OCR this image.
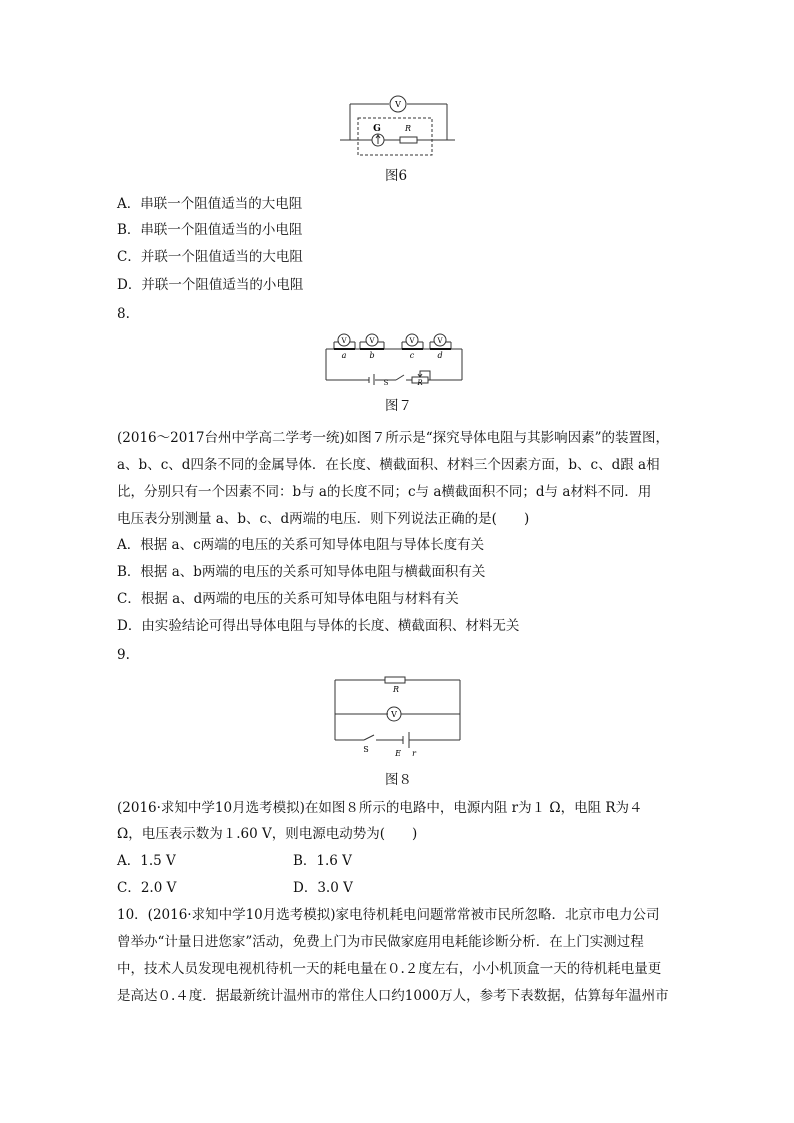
V
G	R
图6
A．串联一个阻值适当的大电阻
B．串联一个阻值适当的小电阻
C．并联一个阻值适当的大电阻
D．并联一个阻值适当的小电阻
8.
V	V	V	V
a	b	c	d
S	R
图７
(2016～2017台州中学高二学考一统)如图７所示是“探究导体电阻与其影响因素”的装置图，
a、b、c、d四条不同的金属导体．在长度、横截面积、材料三个因素方面，b、c、d跟 a相
比，分别只有一个因素不同：b与 a的长度不同；c与 a横截面积不同；d与 a材料不同．用
电压表分别测量 a、b、c、d两端的电压．则下列说法正确的是(　　)
A．根据 a、c两端的电压的关系可知导体电阻与导体长度有关
B．根据 a、b两端的电压的关系可知导体电阻与横截面积有关
C．根据 a、d两端的电压的关系可知导体电阻与材料有关
D．由实验结论可得出导体电阻与导体的长度、横截面积、材料无关
9.
R
V
S	E r
图８
(2016·求知中学10月选考模拟)在如图８所示的电路中，电源内阻 r为１ Ω，电阻 R为４
Ω，电压表示数为１.60 V，则电源电动势为(　　)
A．1.5 V	B．1.6 V
C．2.0 V	D．3.0 V
10．(2016·求知中学10月选考模拟)家电待机耗电问题常常被市民所忽略．北京市电力公司
曾举办“计量日进您家”活动，免费上门为市民做家庭用电耗能诊断分析．在上门实测过程
中，技术人员发现电视机待机一天的耗电量在０.２度左右，小小机顶盒一天的待机耗电量更
是高达０.４度．据最新统计温州市的常住人口约1000万人，参考下表数据，估算每年温州市
